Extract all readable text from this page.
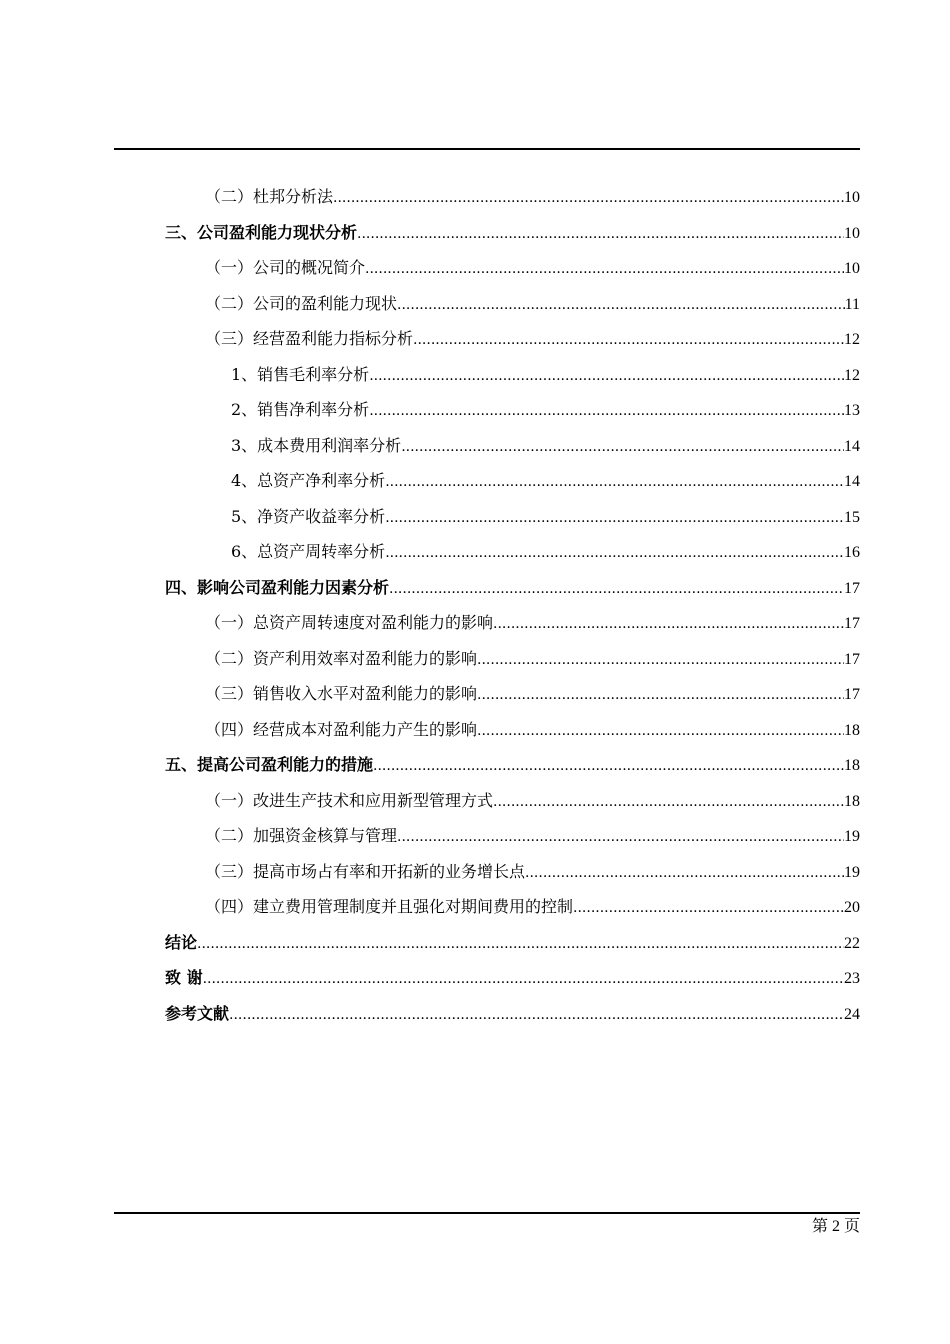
（二）杜邦分析法 .....	10
三、公司盈利能力现状分析 .....	10
（一）公司的概况简介 .....	10
（二）公司的盈利能力现状 .....	11
（三）经营盈利能力指标分析 .....	12
1、销售毛利率分析 .....	12
2、销售净利率分析 .....	13
3、成本费用利润率分析 .....	14
4、总资产净利率分析 .....	14
5、净资产收益率分析 .....	15
6、总资产周转率分析 .....	16
四、影响公司盈利能力因素分析 .....	17
（一）总资产周转速度对盈利能力的影响 .....	17
（二）资产利用效率对盈利能力的影响 .....	17
（三）销售收入水平对盈利能力的影响 .....	17
（四）经营成本对盈利能力产生的影响 .....	18
五、提高公司盈利能力的措施 .....	18
（一）改进生产技术和应用新型管理方式 .....	18
（二）加强资金核算与管理 .....	19
（三）提高市场占有率和开拓新的业务增长点 .....	19
（四）建立费用管理制度并且强化对期间费用的控制 .....	20
结论 .....	22
致 谢 .....	23
参考文献 .....	24
第 2 页
